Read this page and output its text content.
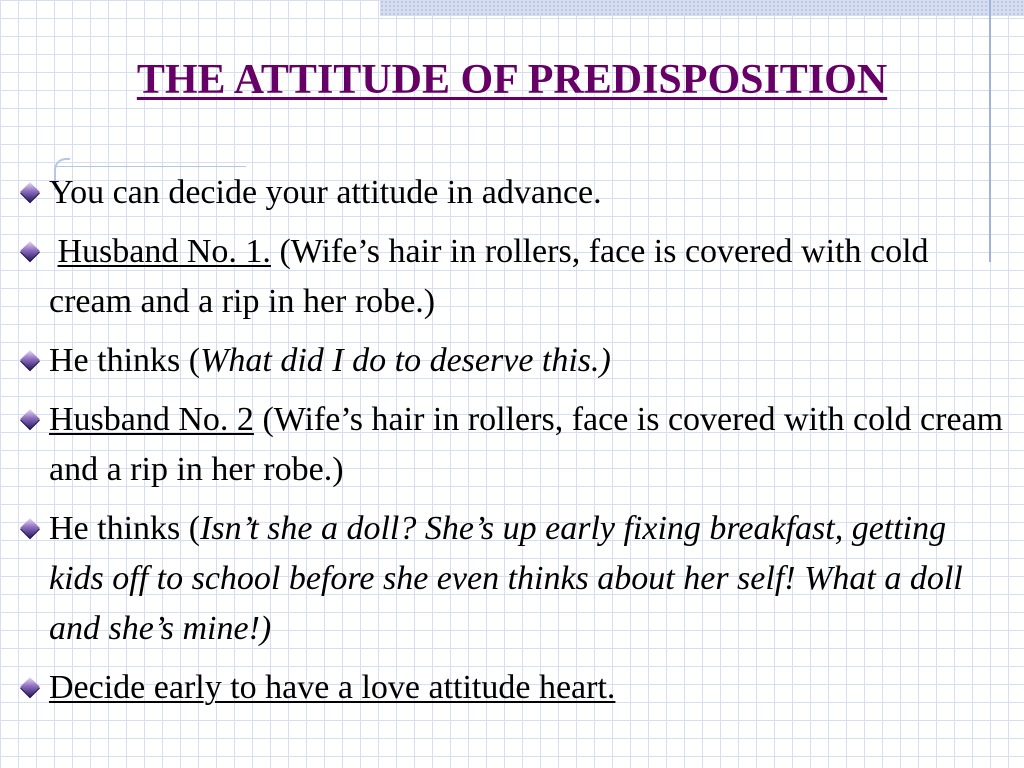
THE ATTITUDE OF PREDISPOSITION
You can decide your attitude in advance.
Husband No. 1. (Wife’s hair in rollers, face is covered with cold cream and a rip in her robe.)
He thinks (What did I do to deserve this.)
Husband No. 2 (Wife’s hair in rollers, face is covered with cold cream and a rip in her robe.)
He thinks (Isn’t she a doll? She’s up early fixing breakfast, getting kids off to school before she even thinks about her self! What a doll and she’s mine!)
Decide early to have a love attitude heart.
